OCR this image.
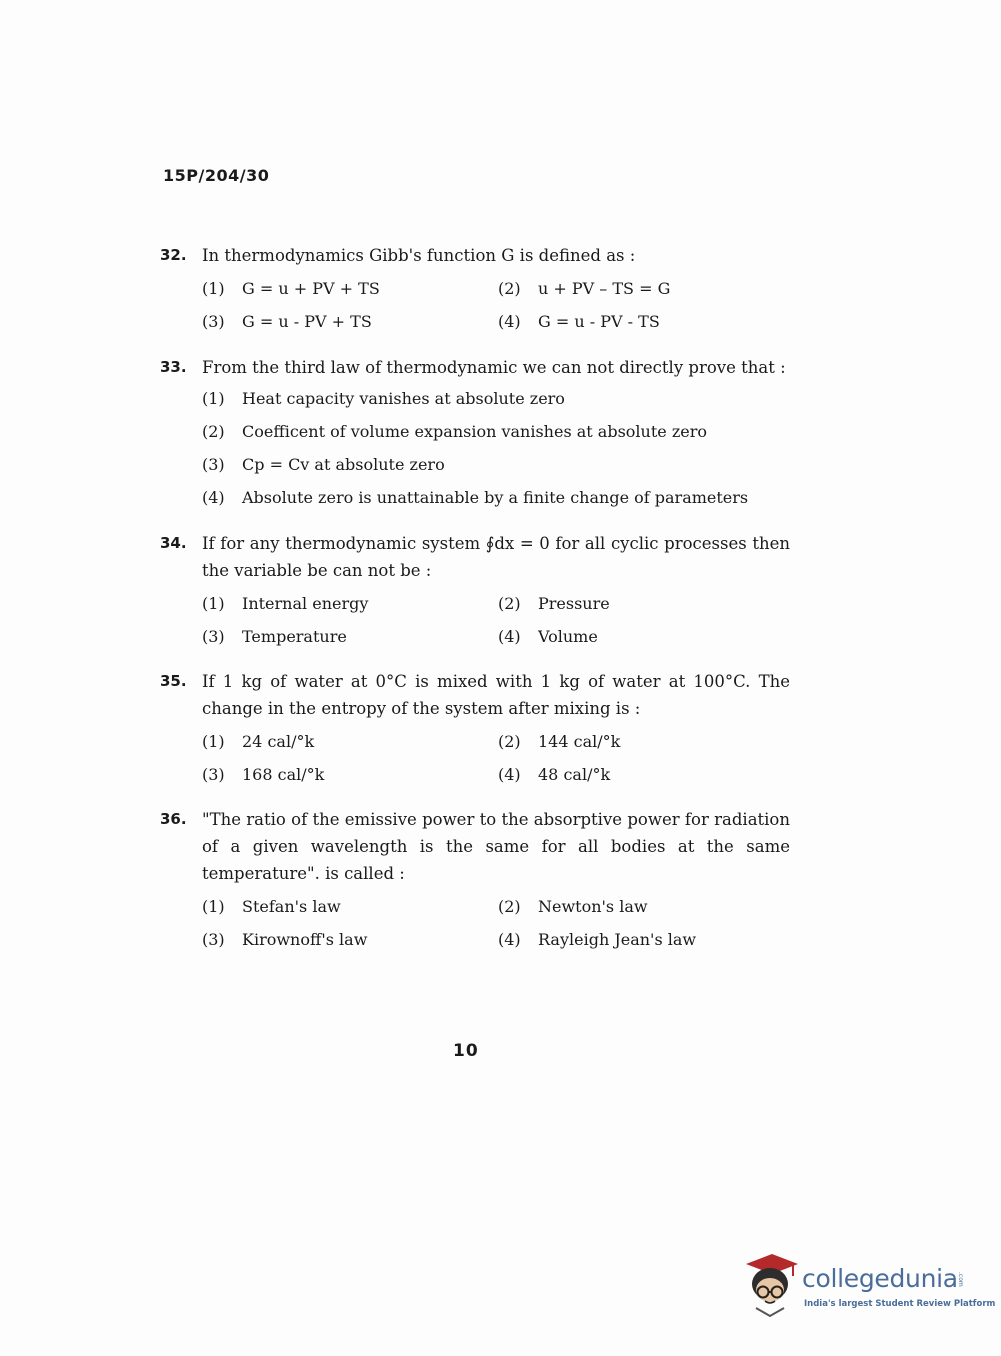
15P/204/30
32. In thermodynamics Gibb's function G is defined as :
(1)	G = u + PV + TS	(2)	u + PV – TS = G
(3)	G = u - PV + TS	(4)	G = u - PV - TS
33. From the third law of thermodynamic we can not directly prove that :
(1)	Heat capacity vanishes at absolute zero
(2)	Coefficent of volume expansion vanishes at absolute zero
(3)	Cp = Cv at absolute zero
(4)	Absolute zero is unattainable by a finite change of parameters
34. If for any thermodynamic system ∮dx = 0 for all cyclic processes then the variable be can not be :
(1)	Internal energy	(2)	Pressure
(3)	Temperature	(4)	Volume
35. If 1 kg of water at 0°C is mixed with 1 kg of water at 100°C. The change in the entropy of the system after mixing is :
(1)	24 cal/°k	(2)	144 cal/°k
(3)	168 cal/°k	(4)	48 cal/°k
36. "The ratio of the emissive power to the absorptive power for radiation of a given wavelength is the same for all bodies at the same temperature". is called :
(1)	Stefan's law	(2)	Newton's law
(3)	Kirownoff's law	(4)	Rayleigh Jean's law
10
collegedunia .com
India's largest Student Review Platform
